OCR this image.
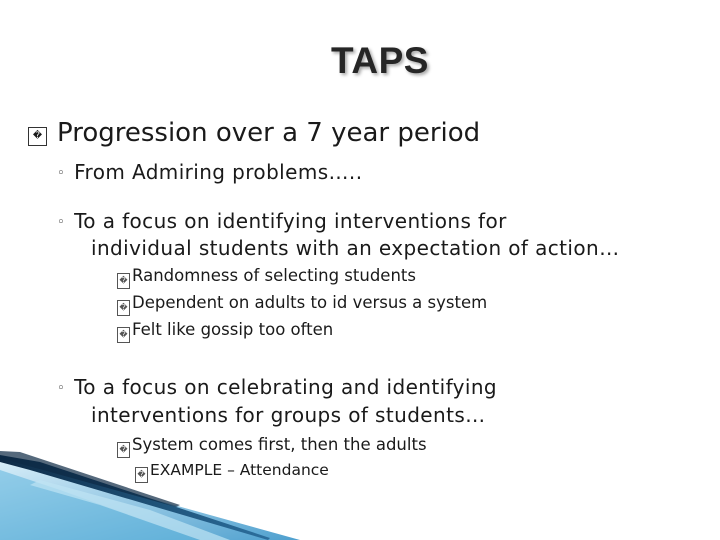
TAPS
� Progression over a 7 year period
◦ From Admiring problems…..
◦ To a focus on identifying interventions for
individual students with an expectation of action…
� Randomness of selecting students
� Dependent on adults to id versus a system
� Felt like gossip too often
◦ To a focus on celebrating and identifying
interventions for groups of students…
� System comes first, then the adults
� EXAMPLE – Attendance
